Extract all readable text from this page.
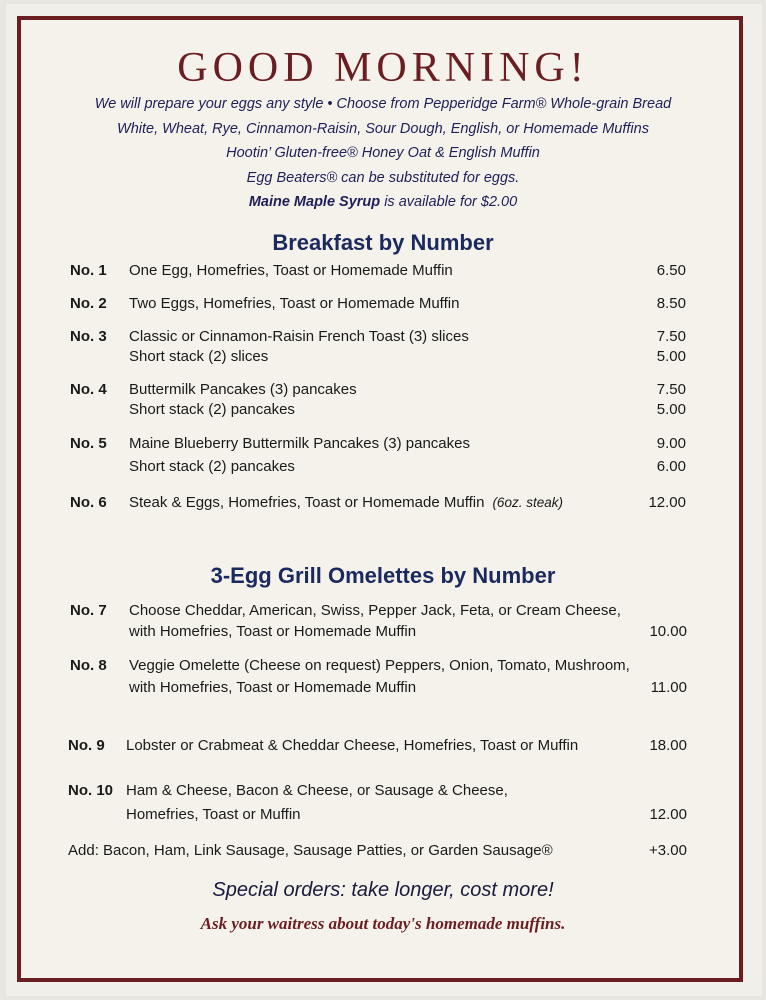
GOOD MORNING!
We will prepare your eggs any style • Choose from Pepperidge Farm® Whole-grain Bread
White, Wheat, Rye, Cinnamon-Raisin, Sour Dough, English, or Homemade Muffins
Hootin’ Gluten-free® Honey Oat & English Muffin
Egg Beaters® can be substituted for eggs.
Maine Maple Syrup is available for $2.00
Breakfast by Number
No. 1 One Egg, Homefries, Toast or Homemade Muffin	6.50
No. 2 Two Eggs, Homefries, Toast or Homemade Muffin	8.50
No. 3 Classic or Cinnamon-Raisin French Toast (3) slices	7.50
Short stack (2) slices	5.00
No. 4 Buttermilk Pancakes (3) pancakes	7.50
Short stack (2) pancakes	5.00
No. 5 Maine Blueberry Buttermilk Pancakes (3) pancakes	9.00
Short stack (2) pancakes	6.00
No. 6 Steak & Eggs, Homefries, Toast or Homemade Muffin (6oz. steak)	12.00
3-Egg Grill Omelettes by Number
No. 7 Choose Cheddar, American, Swiss, Pepper Jack, Feta, or Cream Cheese,
with Homefries, Toast or Homemade Muffin	10.00
No. 8 Veggie Omelette (Cheese on request) Peppers, Onion, Tomato, Mushroom,
with Homefries, Toast or Homemade Muffin	11.00
No. 9 Lobster or Crabmeat & Cheddar Cheese, Homefries, Toast or Muffin	18.00
No. 10 Ham & Cheese, Bacon & Cheese, or Sausage & Cheese,
Homefries, Toast or Muffin	12.00
Add: Bacon, Ham, Link Sausage, Sausage Patties, or Garden Sausage®	+3.00
Special orders: take longer, cost more!
Ask your waitress about today's homemade muffins.
